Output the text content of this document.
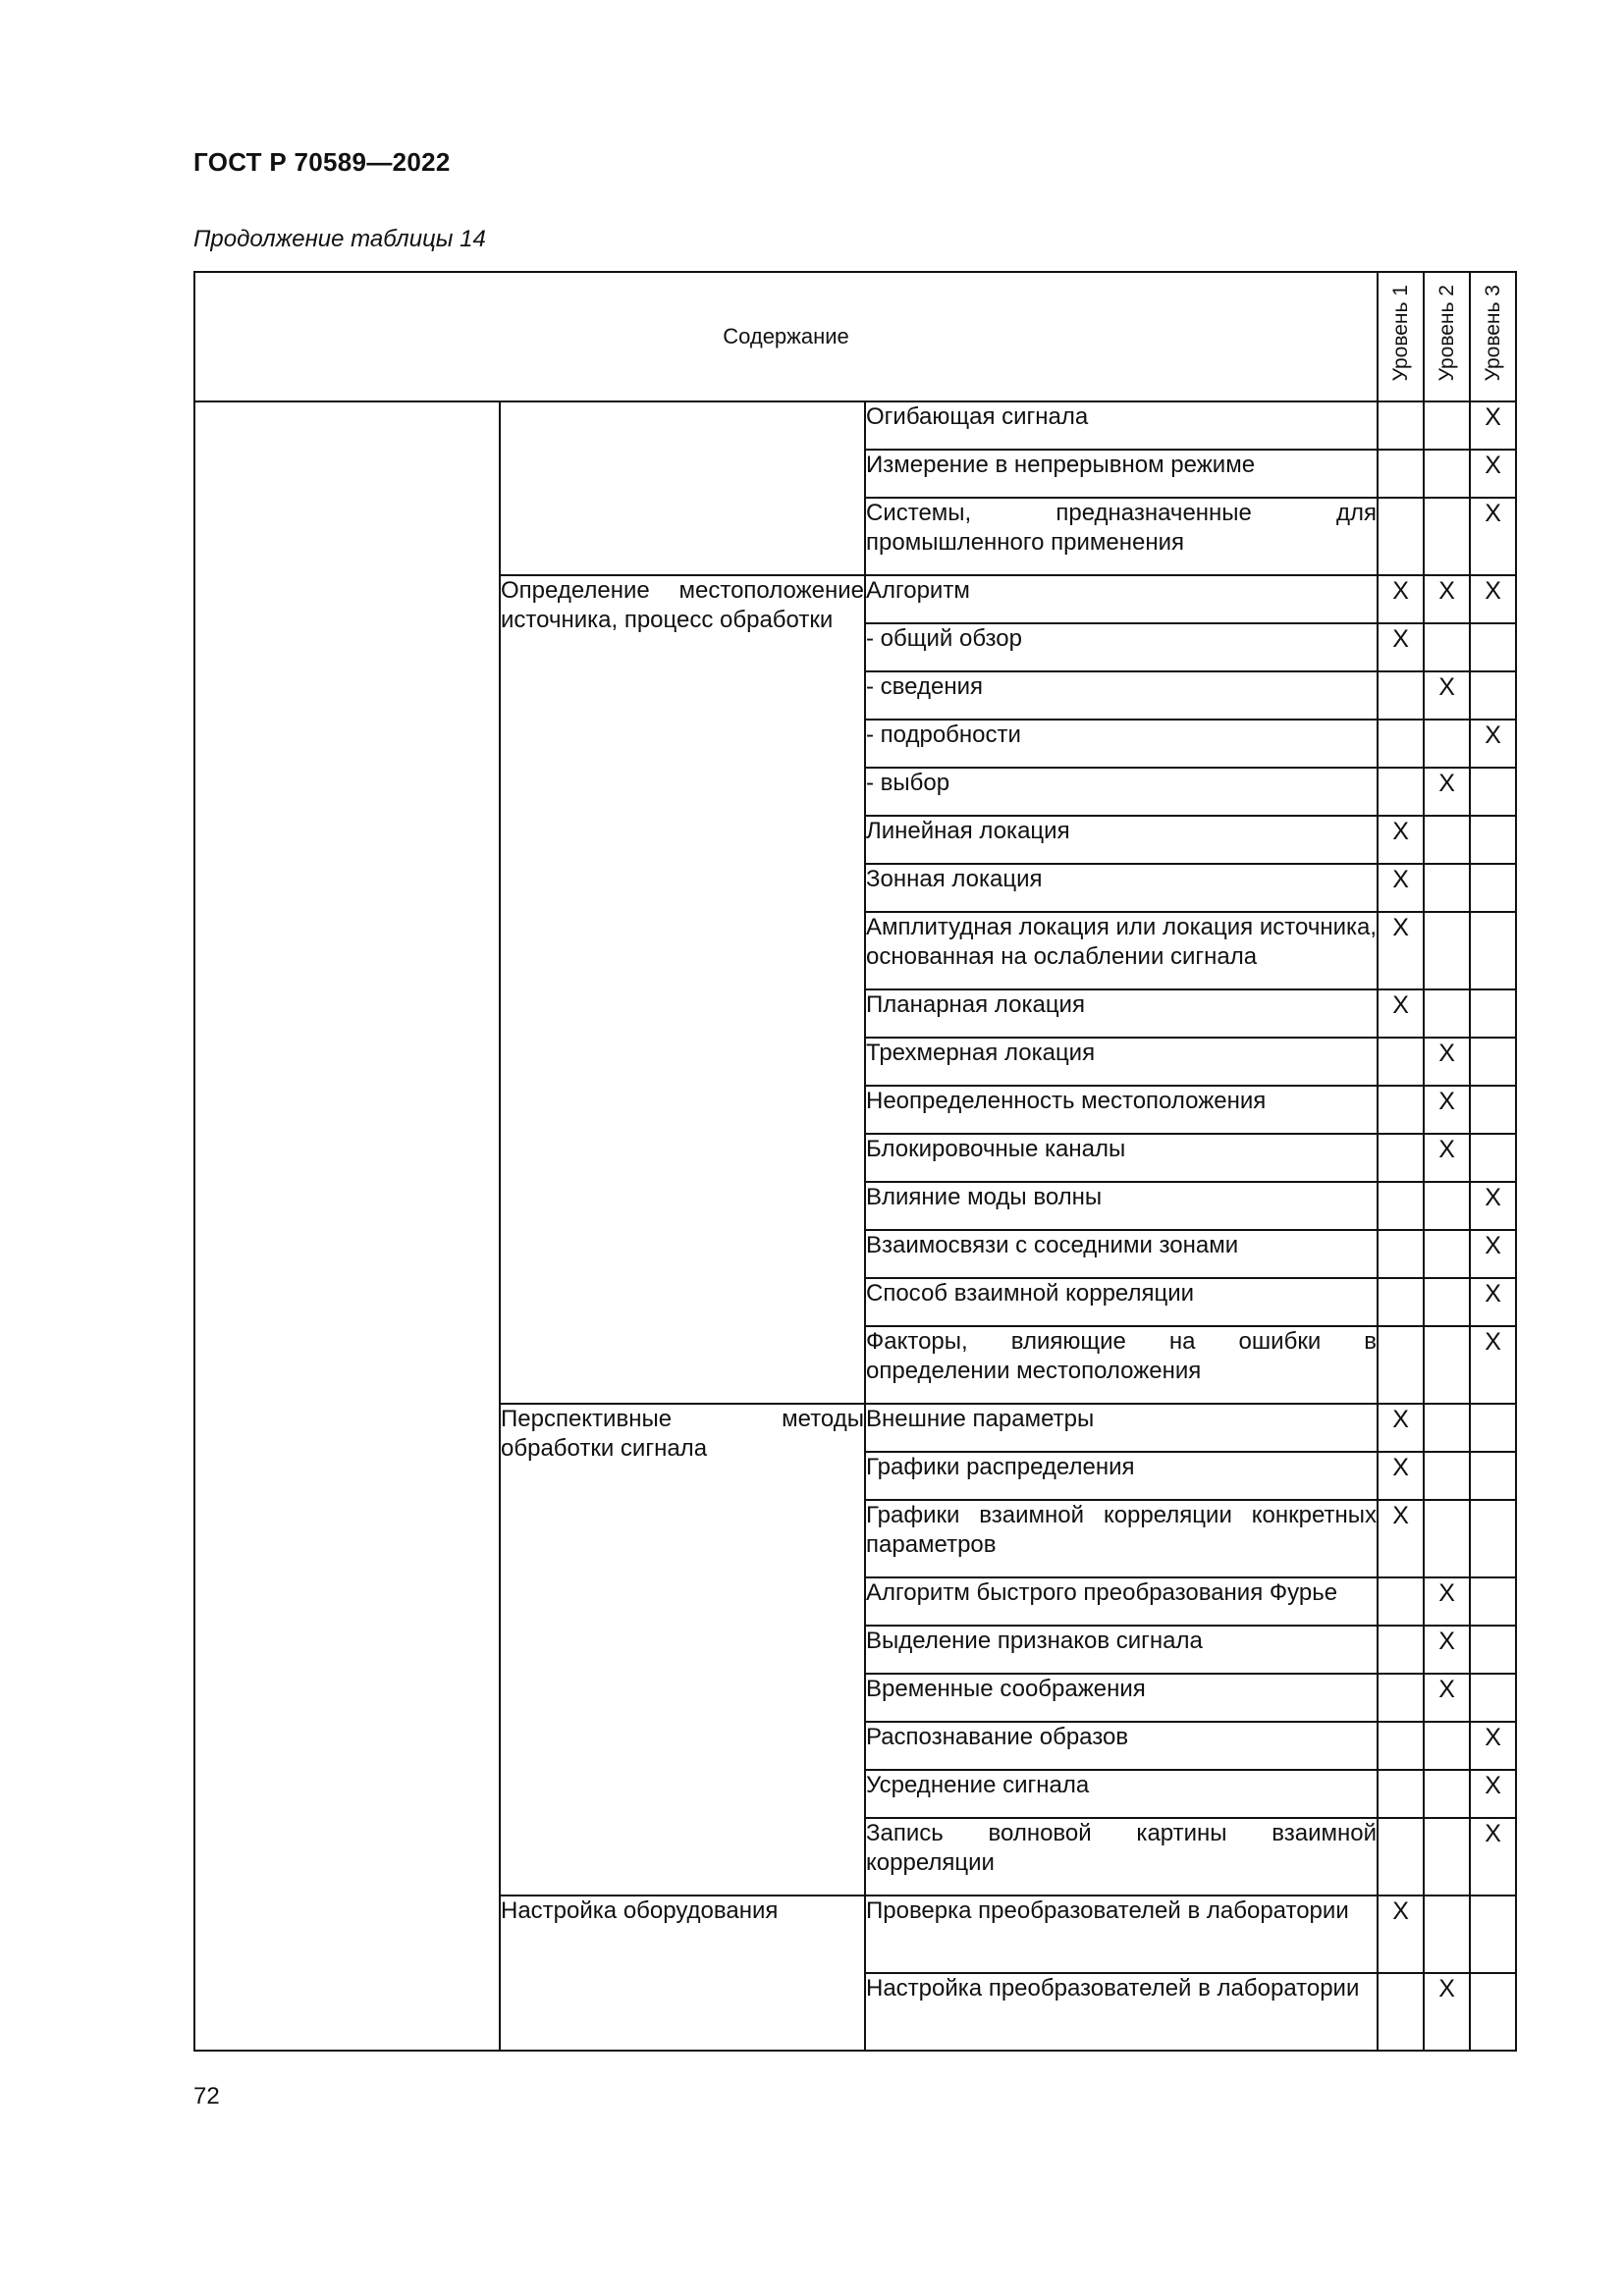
ГОСТ Р 70589—2022
Продолжение таблицы 14
Содержание			Уровень 1	Уровень 2	Уровень 3
		Огибающая сигнала			X
		Измерение в непрерывном режиме			X
		Системы, предназначенные для промышленного применения			X
	Определение местоположение источника, процесс обработки	Алгоритм	X	X	X
		- общий обзор	X		
		- сведения		X	
		- подробности			X
		- выбор		X	
		Линейная локация	X		
		Зонная локация	X		
		Амплитудная локация или локация источника, основанная на ослаблении сигнала	X		
		Планарная локация	X		
		Трехмерная локация		X	
		Неопределенность местоположения		X	
		Блокировочные каналы		X	
		Влияние моды волны			X
		Взаимосвязи с соседними зонами			X
		Способ взаимной корреляции			X
		Факторы, влияющие на ошибки в определении местоположения			X
	Перспективные методы обработки сигнала	Внешние параметры	X		
		Графики распределения	X		
		Графики взаимной корреляции конкретных параметров	X		
		Алгоритм быстрого преобразования Фурье		X	
		Выделение признаков сигнала		X	
		Временные соображения		X	
		Распознавание образов			X
		Усреднение сигнала			X
		Запись волновой картины взаимной корреляции			X
	Настройка оборудования	Проверка преобразователей в лаборатории	X		
		Настройка преобразователей в лаборатории		X	
72
